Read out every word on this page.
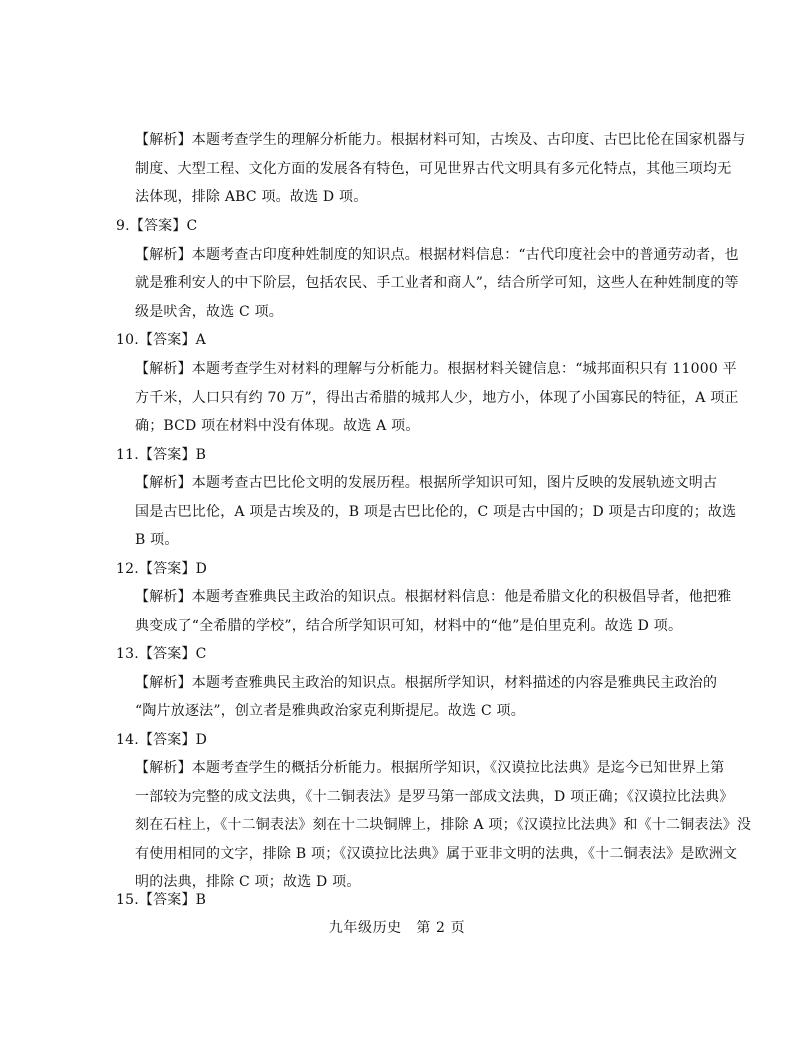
【解析】本题考查学生的理解分析能力。根据材料可知，古埃及、古印度、古巴比伦在国家机器与
制度、大型工程、文化方面的发展各有特色，可见世界古代文明具有多元化特点，其他三项均无
法体现，排除 ABC 项。故选 D 项。
9.【答案】C
【解析】本题考查古印度种姓制度的知识点。根据材料信息：“古代印度社会中的普通劳动者，也
就是雅利安人的中下阶层，包括农民、手工业者和商人”，结合所学可知，这些人在种姓制度的等
级是吠舍，故选 C 项。
10.【答案】A
【解析】本题考查学生对材料的理解与分析能力。根据材料关键信息：“城邦面积只有 11000 平
方千米，人口只有约 70 万”，得出古希腊的城邦人少，地方小，体现了小国寡民的特征，A 项正
确；BCD 项在材料中没有体现。故选 A 项。
11.【答案】B
【解析】本题考查古巴比伦文明的发展历程。根据所学知识可知，图片反映的发展轨迹文明古
国是古巴比伦，A 项是古埃及的，B 项是古巴比伦的，C 项是古中国的；D 项是古印度的；故选
B 项。
12.【答案】D
【解析】本题考查雅典民主政治的知识点。根据材料信息：他是希腊文化的积极倡导者，他把雅
典变成了“全希腊的学校”，结合所学知识可知，材料中的“他”是伯里克利。故选 D 项。
13.【答案】C
【解析】本题考查雅典民主政治的知识点。根据所学知识，材料描述的内容是雅典民主政治的
“陶片放逐法”，创立者是雅典政治家克利斯提尼。故选 C 项。
14.【答案】D
【解析】本题考查学生的概括分析能力。根据所学知识，《汉谟拉比法典》是迄今已知世界上第
一部较为完整的成文法典，《十二铜表法》是罗马第一部成文法典，D 项正确；《汉谟拉比法典》
刻在石柱上，《十二铜表法》刻在十二块铜牌上，排除 A 项；《汉谟拉比法典》和《十二铜表法》没
有使用相同的文字，排除 B 项；《汉谟拉比法典》属于亚非文明的法典，《十二铜表法》是欧洲文
明的法典，排除 C 项；故选 D 项。
15.【答案】B
九年级历史　第 2 页
